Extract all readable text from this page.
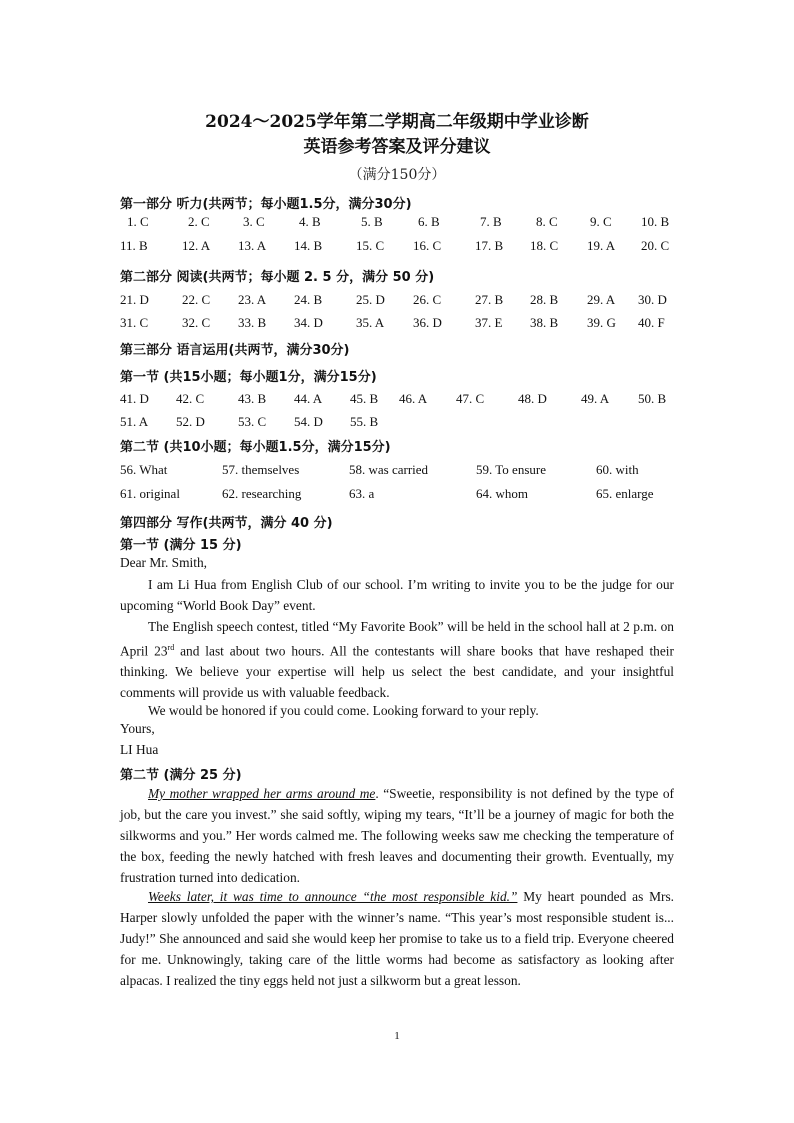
2024～2025学年第二学期高二年级期中学业诊断
英语参考答案及评分建议
（满分150分）
第一部分 听力(共两节；每小题1.5分，满分30分)
1. C	2. C	3. C	4. B	5. B	6. B	7. B	8. C 9. C 10. B
11. B	12. A 13. A 14. B	15. C 16. C	17. B 18. C 19. A 20. C
第二部分 阅读(共两节；每小题 2. 5 分，满分 50 分)
21. D	22. C 23. A 24. B	25. D 26. C	27. B 28. B 29. A 30. D
31. C	32. C 33. B 34. D	35. A 36. D	37. E 38. B 39. G 40. F
第三部分 语言运用(共两节，满分30分)
第一节 (共15小题；每小题1分，满分15分)
41. D 42. C	43. B 44. A 45. B 46. A 47. C	48. D	49. A 50. B
51. A 52. D	53. C 54. D 55. B
第二节 (共10小题；每小题1.5分，满分15分)
56. What	57. themselves	58. was carried	59. To ensure	60. with
61. original	62. researching	63. a	64. whom	65. enlarge
第四部分 写作(共两节，满分 40 分)
第一节 (满分 15 分)
Dear Mr. Smith,
I am Li Hua from English Club of our school. I’m writing to invite you to be the judge for our upcoming “World Book Day” event.
The English speech contest, titled “My Favorite Book” will be held in the school hall at 2 p.m. on April 23rd and last about two hours. All the contestants will share books that have reshaped their thinking. We believe your expertise will help us select the best candidate, and your insightful comments will provide us with valuable feedback.
We would be honored if you could come. Looking forward to your reply.
Yours,
LI Hua
第二节 (满分 25 分)
My mother wrapped her arms around me. “Sweetie, responsibility is not defined by the type of job, but the care you invest.” she said softly, wiping my tears, “It’ll be a journey of magic for both the silkworms and you.” Her words calmed me. The following weeks saw me checking the temperature of the box, feeding the newly hatched with fresh leaves and documenting their growth. Eventually, my frustration turned into dedication.
Weeks later, it was time to announce “the most responsible kid.” My heart pounded as Mrs. Harper slowly unfolded the paper with the winner’s name. “This year’s most responsible student is... Judy!” She announced and said she would keep her promise to take us to a field trip. Everyone cheered for me. Unknowingly, taking care of the little worms had become as satisfactory as looking after alpacas. I realized the tiny eggs held not just a silkworm but a great lesson.
1
